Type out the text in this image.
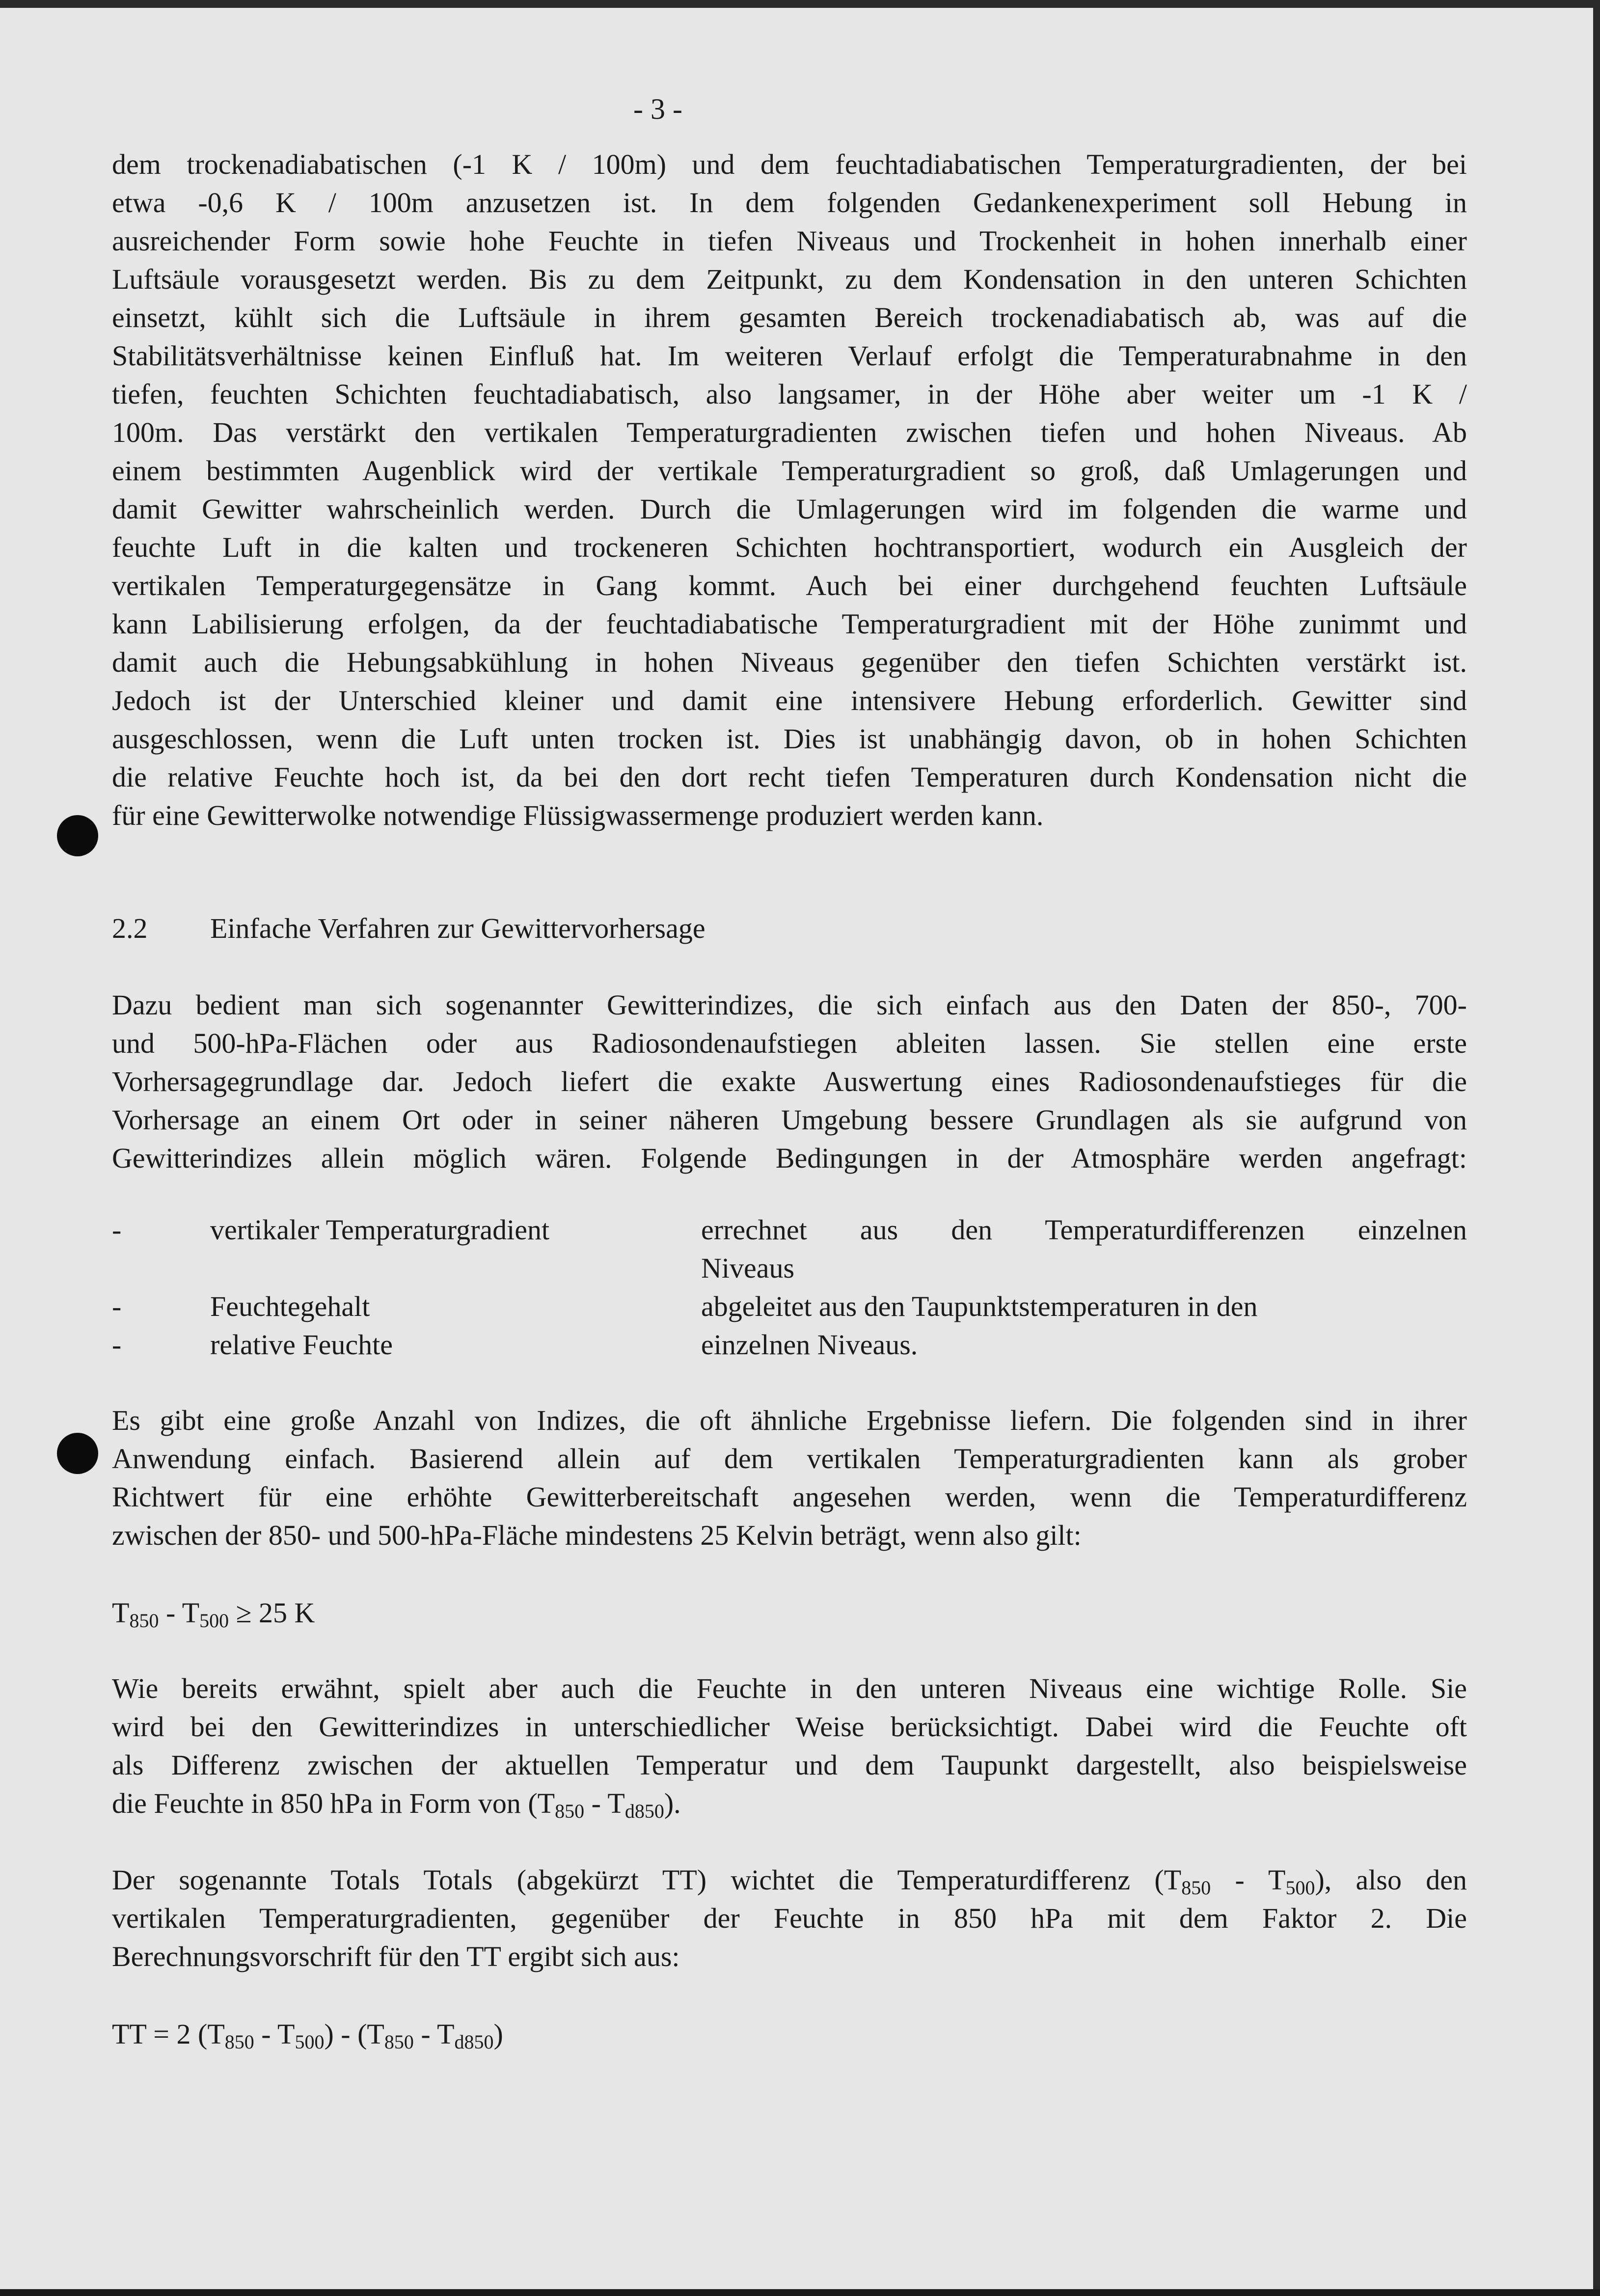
- 3 -
dem trockenadiabatischen (-1 K / 100m) und dem feuchtadiabatischen Temperaturgradienten, der bei
etwa -0,6 K / 100m anzusetzen ist. In dem folgenden Gedankenexperiment soll Hebung in
ausreichender Form sowie hohe Feuchte in tiefen Niveaus und Trockenheit in hohen innerhalb einer
Luftsäule vorausgesetzt werden. Bis zu dem Zeitpunkt, zu dem Kondensation in den unteren Schichten
einsetzt, kühlt sich die Luftsäule in ihrem gesamten Bereich trockenadiabatisch ab, was auf die
Stabilitätsverhältnisse keinen Einfluß hat. Im weiteren Verlauf erfolgt die Temperaturabnahme in den
tiefen, feuchten Schichten feuchtadiabatisch, also langsamer, in der Höhe aber weiter um -1 K /
100m. Das verstärkt den vertikalen Temperaturgradienten zwischen tiefen und hohen Niveaus. Ab
einem bestimmten Augenblick wird der vertikale Temperaturgradient so groß, daß Umlagerungen und
damit Gewitter wahrscheinlich werden. Durch die Umlagerungen wird im folgenden die warme und
feuchte Luft in die kalten und trockeneren Schichten hochtransportiert, wodurch ein Ausgleich der
vertikalen Temperaturgegensätze in Gang kommt. Auch bei einer durchgehend feuchten Luftsäule
kann Labilisierung erfolgen, da der feuchtadiabatische Temperaturgradient mit der Höhe zunimmt und
damit auch die Hebungsabkühlung in hohen Niveaus gegenüber den tiefen Schichten verstärkt ist.
Jedoch ist der Unterschied kleiner und damit eine intensivere Hebung erforderlich. Gewitter sind
ausgeschlossen, wenn die Luft unten trocken ist. Dies ist unabhängig davon, ob in hohen Schichten
die relative Feuchte hoch ist, da bei den dort recht tiefen Temperaturen durch Kondensation nicht die
für eine Gewitterwolke notwendige Flüssigwassermenge produziert werden kann.
2.2 Einfache Verfahren zur Gewittervorhersage
Dazu bedient man sich sogenannter Gewitterindizes, die sich einfach aus den Daten der 850-, 700-
und 500-hPa-Flächen oder aus Radiosondenaufstiegen ableiten lassen. Sie stellen eine erste
Vorhersagegrundlage dar. Jedoch liefert die exakte Auswertung eines Radiosondenaufstieges für die
Vorhersage an einem Ort oder in seiner näheren Umgebung bessere Grundlagen als sie aufgrund von
Gewitterindizes allein möglich wären. Folgende Bedingungen in der Atmosphäre werden angefragt:
-	vertikaler Temperaturgradient	errechnet aus den Temperaturdifferenzen einzelnen
Niveaus
-	Feuchtegehalt	abgeleitet aus den Taupunktstemperaturen in den
-	relative Feuchte	einzelnen Niveaus.
Es gibt eine große Anzahl von Indizes, die oft ähnliche Ergebnisse liefern. Die folgenden sind in ihrer
Anwendung einfach. Basierend allein auf dem vertikalen Temperaturgradienten kann als grober
Richtwert für eine erhöhte Gewitterbereitschaft angesehen werden, wenn die Temperaturdifferenz
zwischen der 850- und 500-hPa-Fläche mindestens 25 Kelvin beträgt, wenn also gilt:
$T_{850} - T_{500} \ge 25$ K
Wie bereits erwähnt, spielt aber auch die Feuchte in den unteren Niveaus eine wichtige Rolle. Sie
wird bei den Gewitterindizes in unterschiedlicher Weise berücksichtigt. Dabei wird die Feuchte oft
als Differenz zwischen der aktuellen Temperatur und dem Taupunkt dargestellt, also beispielsweise
die Feuchte in 850 hPa in Form von $(T_{850} - T_{d850})$.
Der sogenannte Totals Totals (abgekürzt TT) wichtet die Temperaturdifferenz $(T_{850} - T_{500})$, also den
vertikalen Temperaturgradienten, gegenüber der Feuchte in 850 hPa mit dem Faktor 2. Die
Berechnungsvorschrift für den TT ergibt sich aus:
TT = 2 $(T_{850} - T_{500}) - (T_{850} - T_{d850})$
